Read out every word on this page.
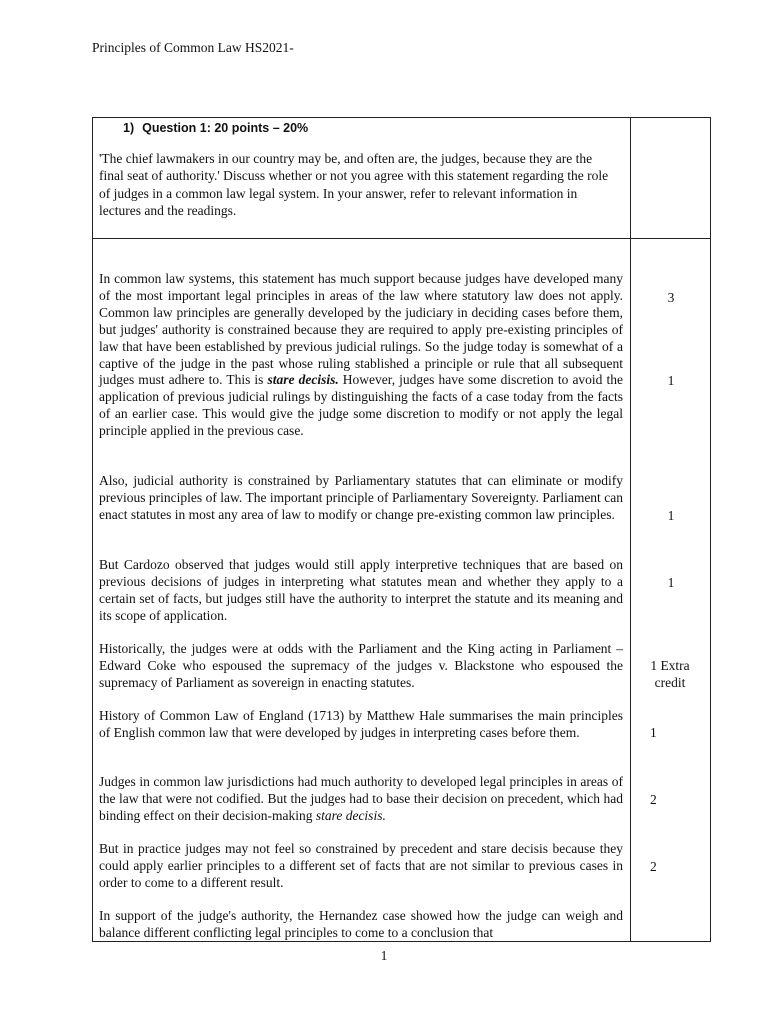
Principles of Common Law HS2021-
1) Question 1: 20 points – 20%
'The chief lawmakers in our country may be, and often are, the judges, because they are the final seat of authority.' Discuss whether or not you agree with this statement regarding the role of judges in a common law legal system. In your answer, refer to relevant information in lectures and the readings.
In common law systems, this statement has much support because judges have developed many of the most important legal principles in areas of the law where statutory law does not apply. Common law principles are generally developed by the judiciary in deciding cases before them, but judges' authority is constrained because they are required to apply pre-existing principles of law that have been established by previous judicial rulings. So the judge today is somewhat of a captive of the judge in the past whose ruling stablished a principle or rule that all subsequent judges must adhere to. This is stare decisis. However, judges have some discretion to avoid the application of previous judicial rulings by distinguishing the facts of a case today from the facts of an earlier case. This would give the judge some discretion to modify or not apply the legal principle applied in the previous case.
Also, judicial authority is constrained by Parliamentary statutes that can eliminate or modify previous principles of law. The important principle of Parliamentary Sovereignty. Parliament can enact statutes in most any area of law to modify or change pre-existing common law principles.
But Cardozo observed that judges would still apply interpretive techniques that are based on previous decisions of judges in interpreting what statutes mean and whether they apply to a certain set of facts, but judges still have the authority to interpret the statute and its meaning and its scope of application.
Historically, the judges were at odds with the Parliament and the King acting in Parliament – Edward Coke who espoused the supremacy of the judges v. Blackstone who espoused the supremacy of Parliament as sovereign in enacting statutes.
History of Common Law of England (1713) by Matthew Hale summarises the main principles of English common law that were developed by judges in interpreting cases before them.
Judges in common law jurisdictions had much authority to developed legal principles in areas of the law that were not codified. But the judges had to base their decision on precedent, which had binding effect on their decision-making stare decisis.
But in practice judges may not feel so constrained by precedent and stare decisis because they could apply earlier principles to a different set of facts that are not similar to previous cases in order to come to a different result.
In support of the judge's authority, the Hernandez case showed how the judge can weigh and balance different conflicting legal principles to come to a conclusion that
3
1
1
1
1 Extra credit
1
2
2
1
